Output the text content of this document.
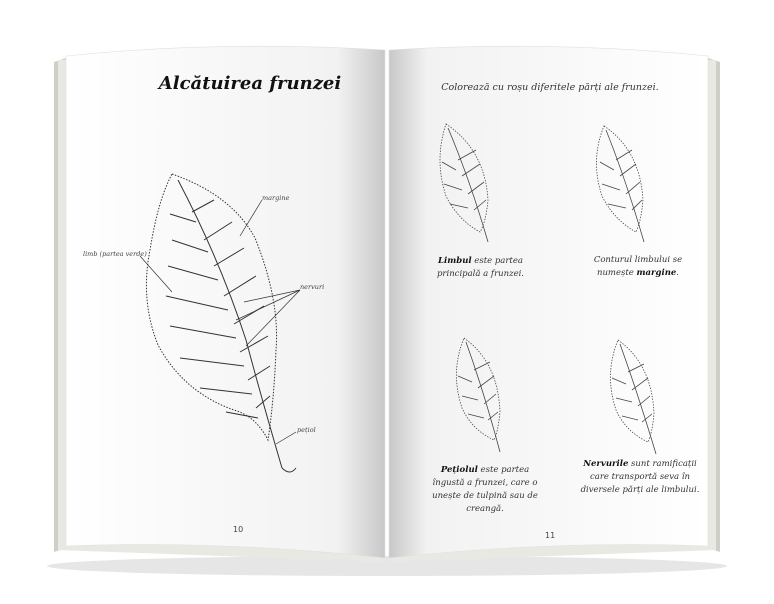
Alcătuirea frunzei
margine
limb (partea verde)
nervuri
pețiol
10
Colorează cu roșu diferitele părți ale frunzei.
Limbul este partea principală a frunzei.
Conturul limbului se numește margine.
Pețiolul este partea îngustă a frunzei, care o unește de tulpină sau de creangă.
Nervurile sunt ramificații care transportă seva în diversele părți ale limbului.
11
